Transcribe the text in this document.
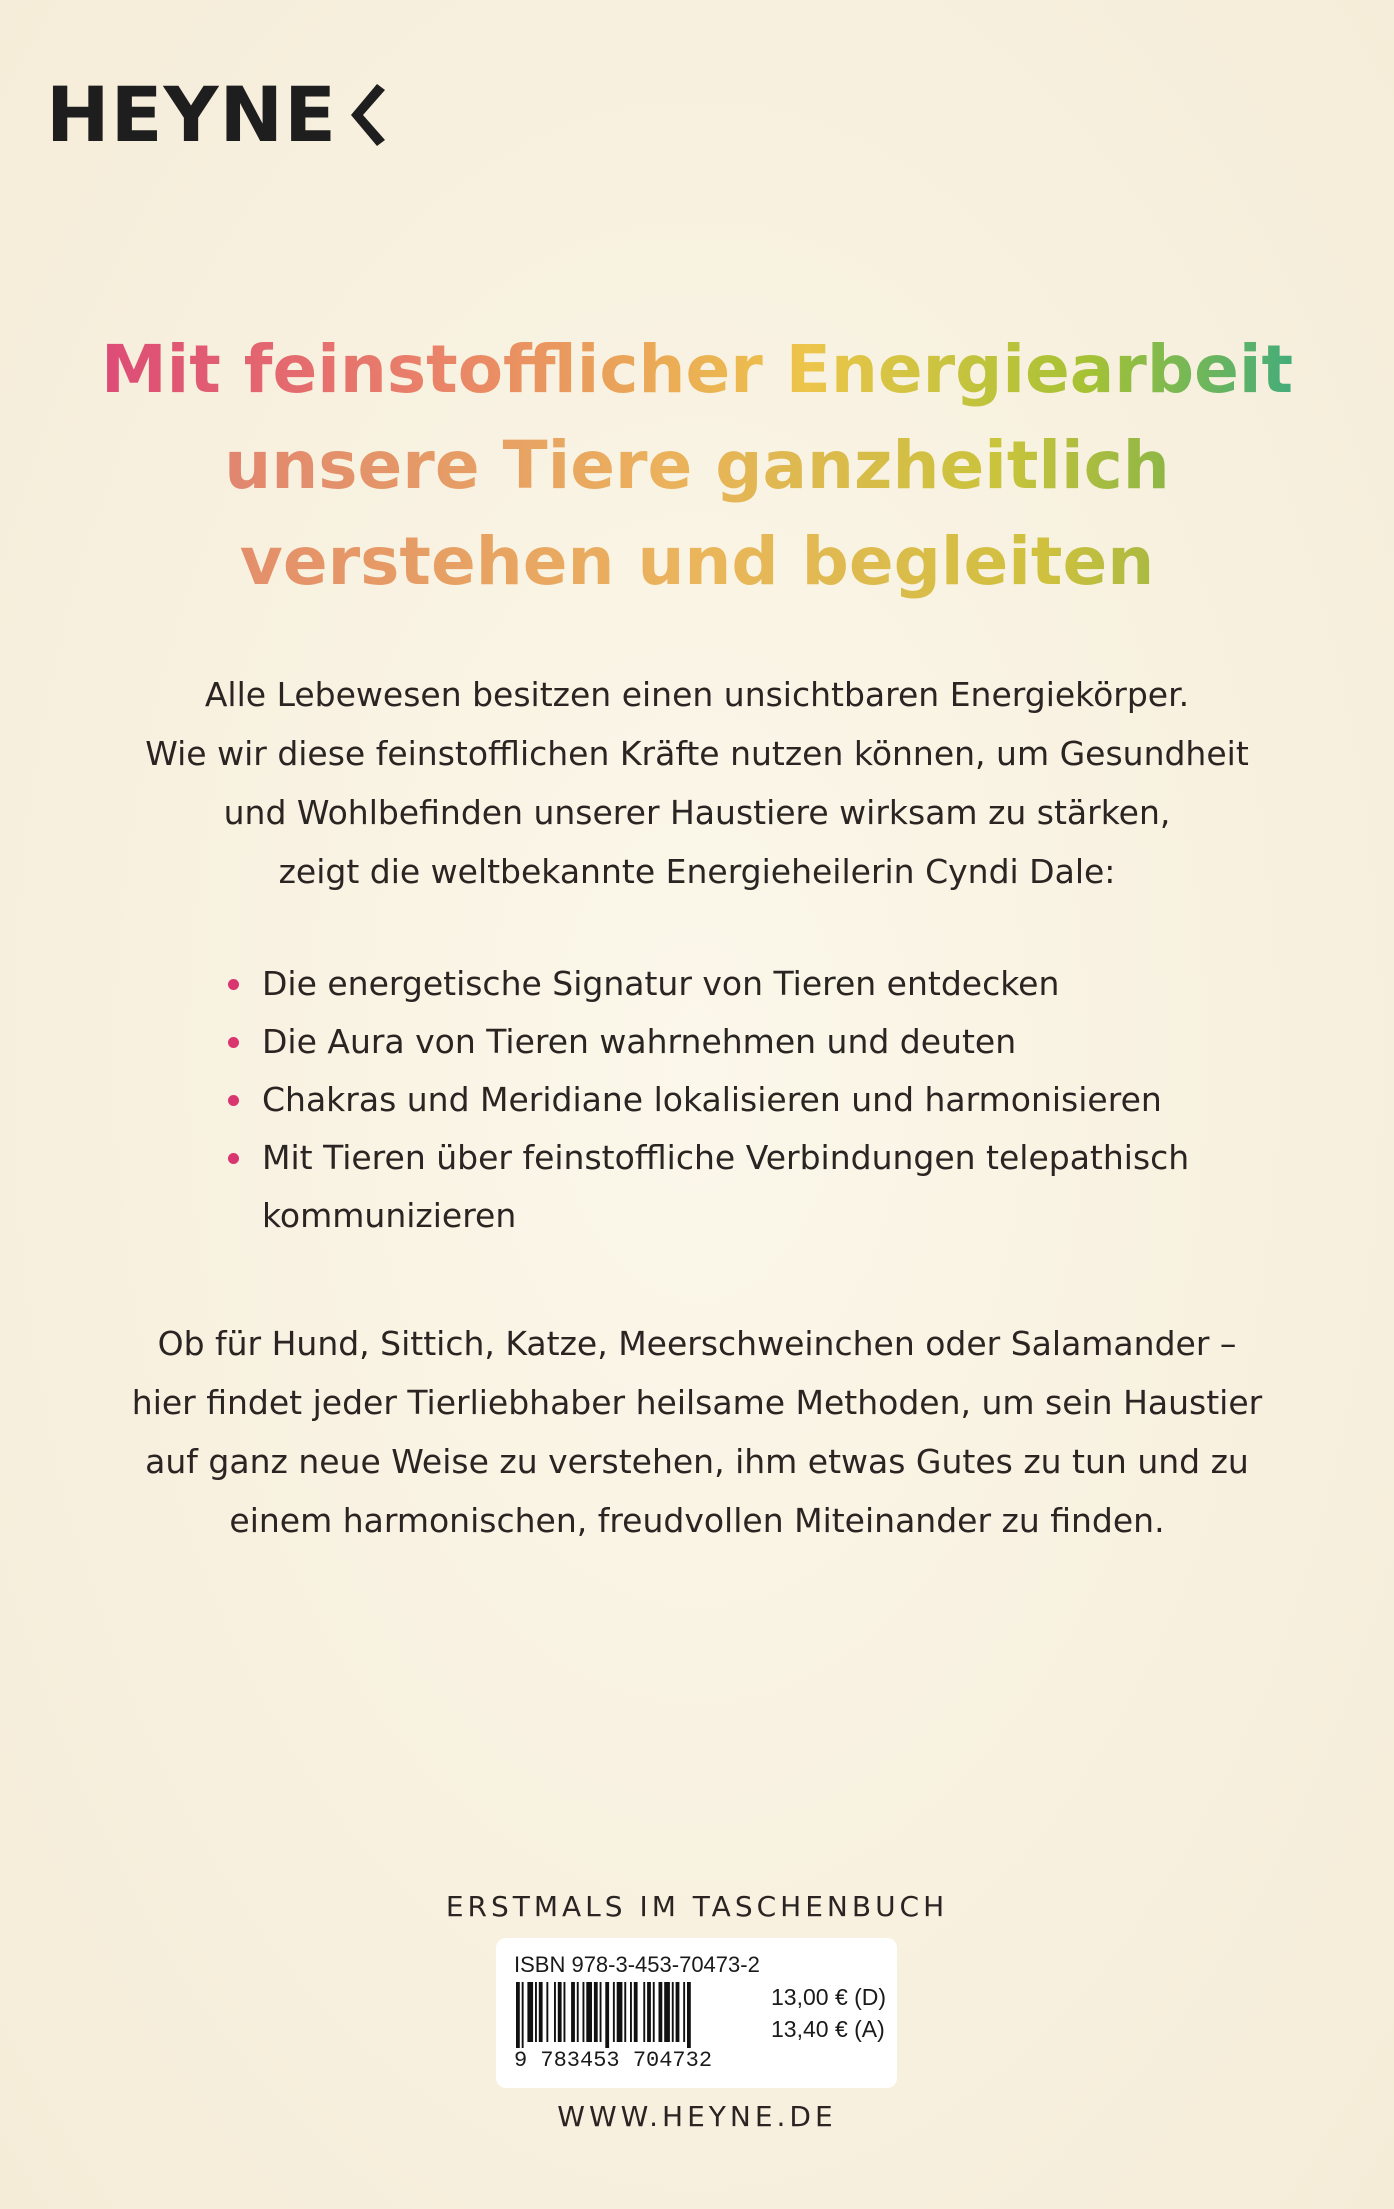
HEYNE
Mit feinstofflicher Energiearbeit
unsere Tiere ganzheitlich
verstehen und begleiten
Alle Lebewesen besitzen einen unsichtbaren Energiekörper.
Wie wir diese feinstofflichen Kräfte nutzen können, um Gesundheit
und Wohlbefinden unserer Haustiere wirksam zu stärken,
zeigt die weltbekannte Energieheilerin Cyndi Dale:
Die energetische Signatur von Tieren entdecken
Die Aura von Tieren wahrnehmen und deuten
Chakras und Meridiane lokalisieren und harmonisieren
Mit Tieren über feinstoffliche Verbindungen telepathisch kommunizieren
Ob für Hund, Sittich, Katze, Meerschweinchen oder Salamander –
hier findet jeder Tierliebhaber heilsame Methoden, um sein Haustier
auf ganz neue Weise zu verstehen, ihm etwas Gutes zu tun und zu
einem harmonischen, freudvollen Miteinander zu finden.
ERSTMALS IM TASCHENBUCH
ISBN 978-3-453-70473-2
9 783453 704732
13,00 € (D)
13,40 € (A)
WWW.HEYNE.DE
